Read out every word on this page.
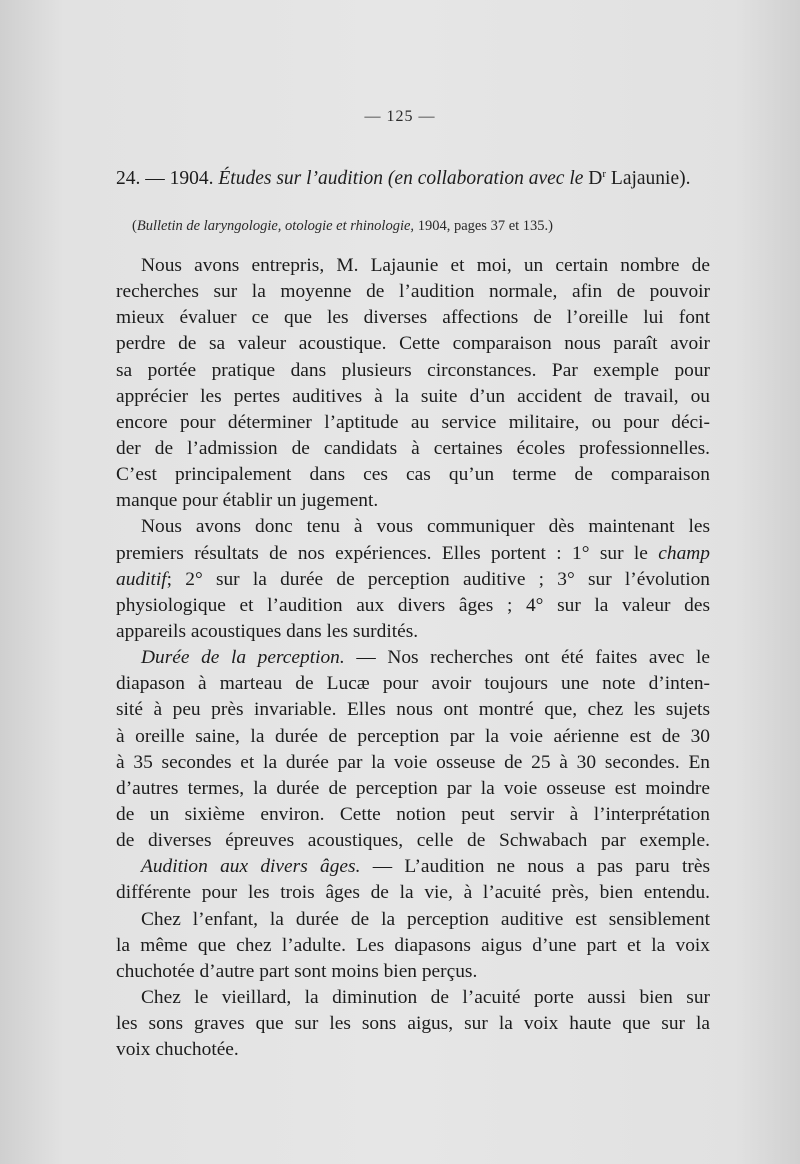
— 125 —
24. — 1904. Études sur l’audition (en collaboration avec le $D^r$ Lajaunie).
(Bulletin de laryngologie, otologie et rhinologie, 1904, pages 37 et 135.)
Nous avons entrepris, M. Lajaunie et moi, un certain nombre de
recherches sur la moyenne de l’audition normale, afin de pouvoir
mieux évaluer ce que les diverses affections de l’oreille lui font
perdre de sa valeur acoustique. Cette comparaison nous paraît avoir
sa portée pratique dans plusieurs circonstances. Par exemple pour
apprécier les pertes auditives à la suite d’un accident de travail, ou
encore pour déterminer l’aptitude au service militaire, ou pour déci-
der de l’admission de candidats à certaines écoles professionnelles.
C’est principalement dans ces cas qu’un terme de comparaison
manque pour établir un jugement.
Nous avons donc tenu à vous communiquer dès maintenant les
premiers résultats de nos expériences. Elles portent : 1° sur le champ
auditif; 2° sur la durée de perception auditive ; 3° sur l’évolution
physiologique et l’audition aux divers âges ; 4° sur la valeur des
appareils acoustiques dans les surdités.
Durée de la perception. — Nos recherches ont été faites avec le
diapason à marteau de Lucæ pour avoir toujours une note d’inten-
sité à peu près invariable. Elles nous ont montré que, chez les sujets
à oreille saine, la durée de perception par la voie aérienne est de 30
à 35 secondes et la durée par la voie osseuse de 25 à 30 secondes. En
d’autres termes, la durée de perception par la voie osseuse est moindre
de un sixième environ. Cette notion peut servir à l’interprétation
de diverses épreuves acoustiques, celle de Schwabach par exemple.
Audition aux divers âges. — L’audition ne nous a pas paru très
différente pour les trois âges de la vie, à l’acuité près, bien entendu.
Chez l’enfant, la durée de la perception auditive est sensiblement
la même que chez l’adulte. Les diapasons aigus d’une part et la voix
chuchotée d’autre part sont moins bien perçus.
Chez le vieillard, la diminution de l’acuité porte aussi bien sur
les sons graves que sur les sons aigus, sur la voix haute que sur la
voix chuchotée.
